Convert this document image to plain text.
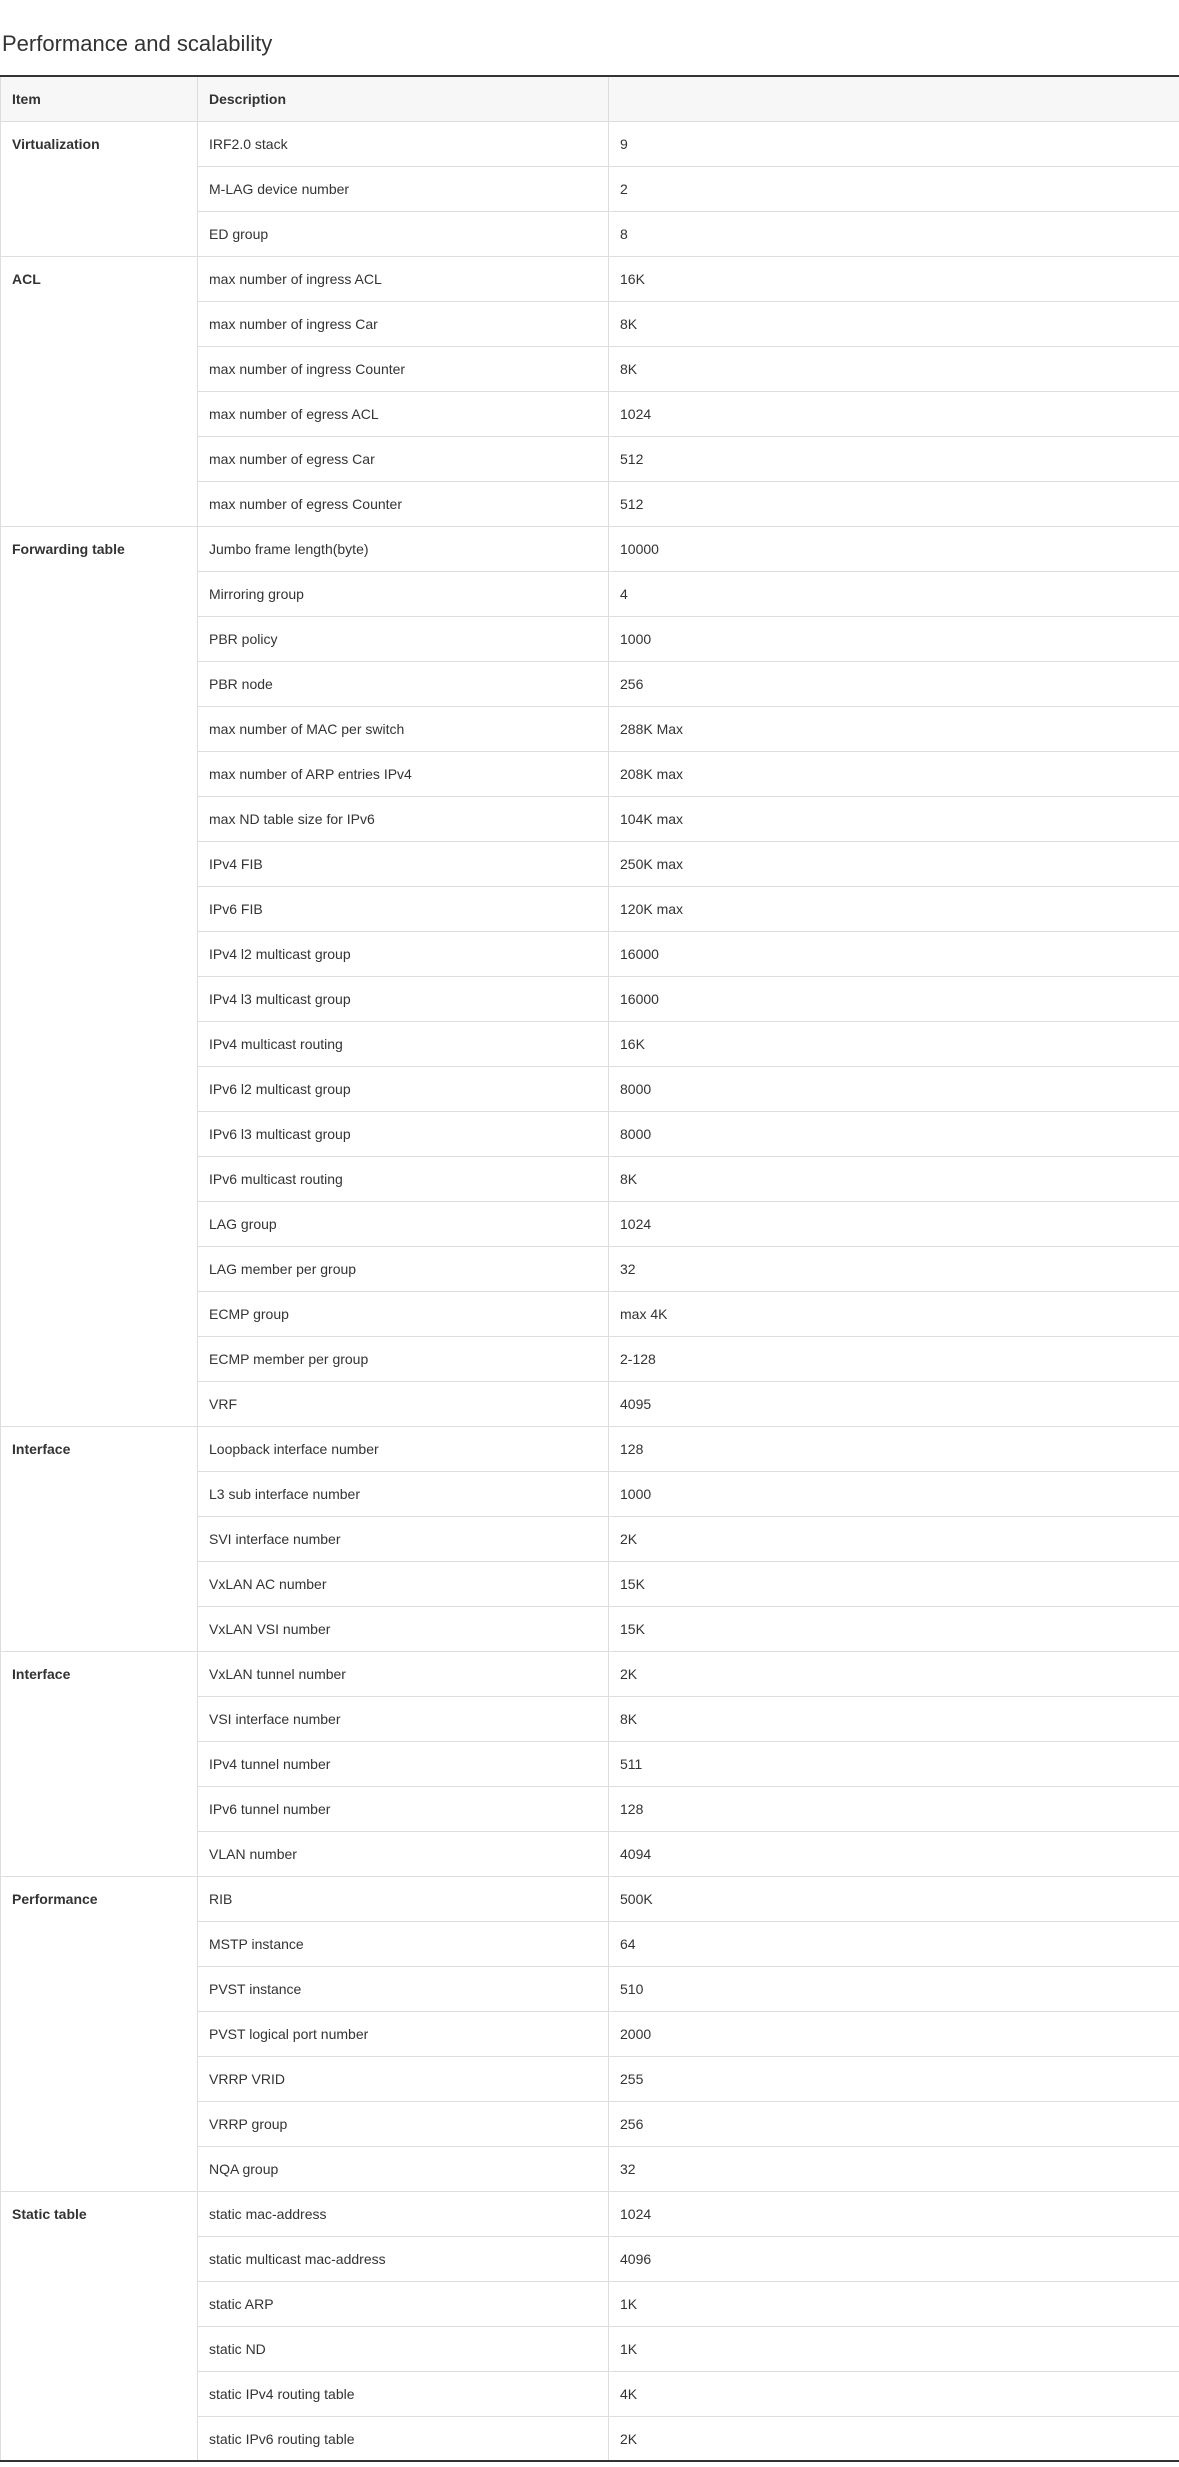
Performance and scalability
Item	Description	
Virtualization	IRF2.0 stack	9
	M-LAG device number	2
	ED group	8
ACL	max number of ingress ACL	16K
	max number of ingress Car	8K
	max number of ingress Counter	8K
	max number of egress ACL	1024
	max number of egress Car	512
	max number of egress Counter	512
Forwarding table	Jumbo frame length(byte)	10000
	Mirroring group	4
	PBR policy	1000
	PBR node	256
	max number of MAC per switch	288K Max
	max number of ARP entries IPv4	208K max
	max ND table size for IPv6	104K max
	IPv4 FIB	250K max
	IPv6 FIB	120K max
	IPv4 l2 multicast group	16000
	IPv4 l3 multicast group	16000
	IPv4 multicast routing	16K
	IPv6 l2 multicast group	8000
	IPv6 l3 multicast group	8000
	IPv6 multicast routing	8K
	LAG group	1024
	LAG member per group	32
	ECMP group	max 4K
	ECMP member per group	2-128
	VRF	4095
Interface	Loopback interface number	128
	L3 sub interface number	1000
	SVI interface number	2K
	VxLAN AC number	15K
	VxLAN VSI number	15K
Interface	VxLAN tunnel number	2K
	VSI interface number	8K
	IPv4 tunnel number	511
	IPv6 tunnel number	128
	VLAN number	4094
Performance	RIB	500K
	MSTP instance	64
	PVST instance	510
	PVST logical port number	2000
	VRRP VRID	255
	VRRP group	256
	NQA group	32
Static table	static mac-address	1024
	static multicast mac-address	4096
	static ARP	1K
	static ND	1K
	static IPv4 routing table	4K
	static IPv6 routing table	2K
